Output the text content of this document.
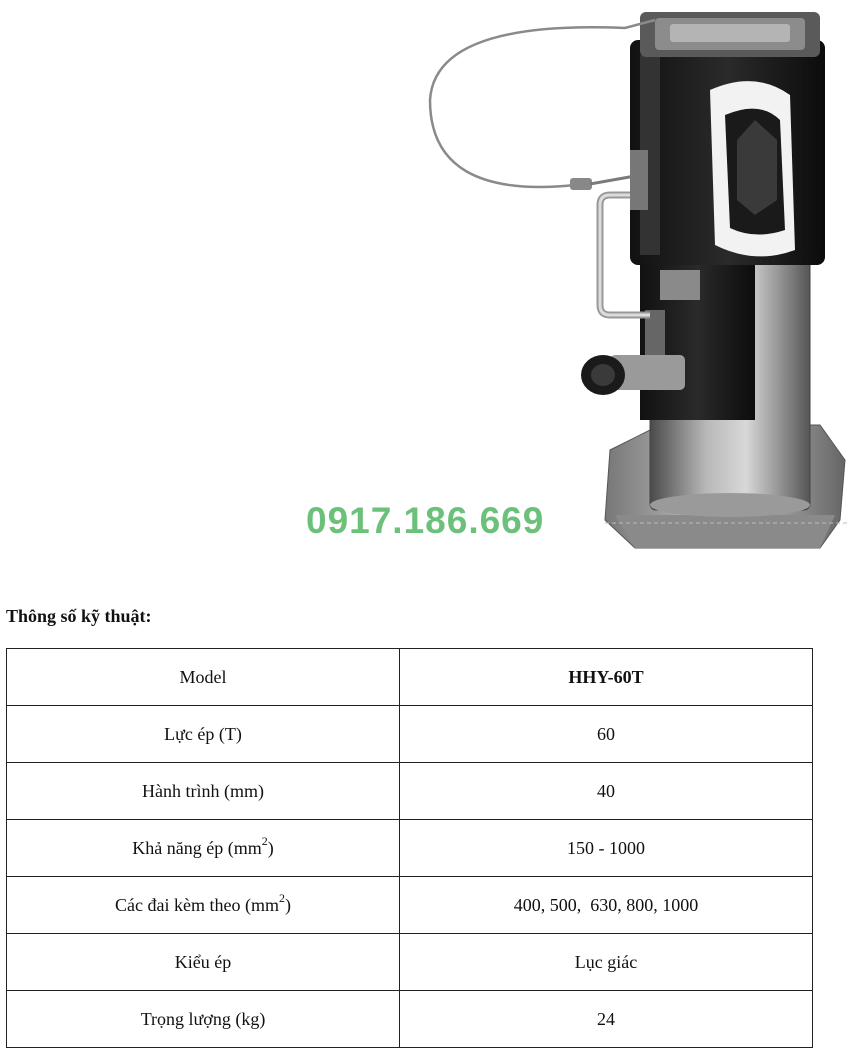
0917.186.669
Thông số kỹ thuật:
Model	HHY-60T
Lực ép (T)	60
Hành trình (mm)	40
Khả năng ép $(mm^2)$	150 - 1000
Các đai kèm theo $(mm^2)$	400, 500,  630, 800, 1000
Kiểu ép	Lục giác
Trọng lượng (kg)	24
